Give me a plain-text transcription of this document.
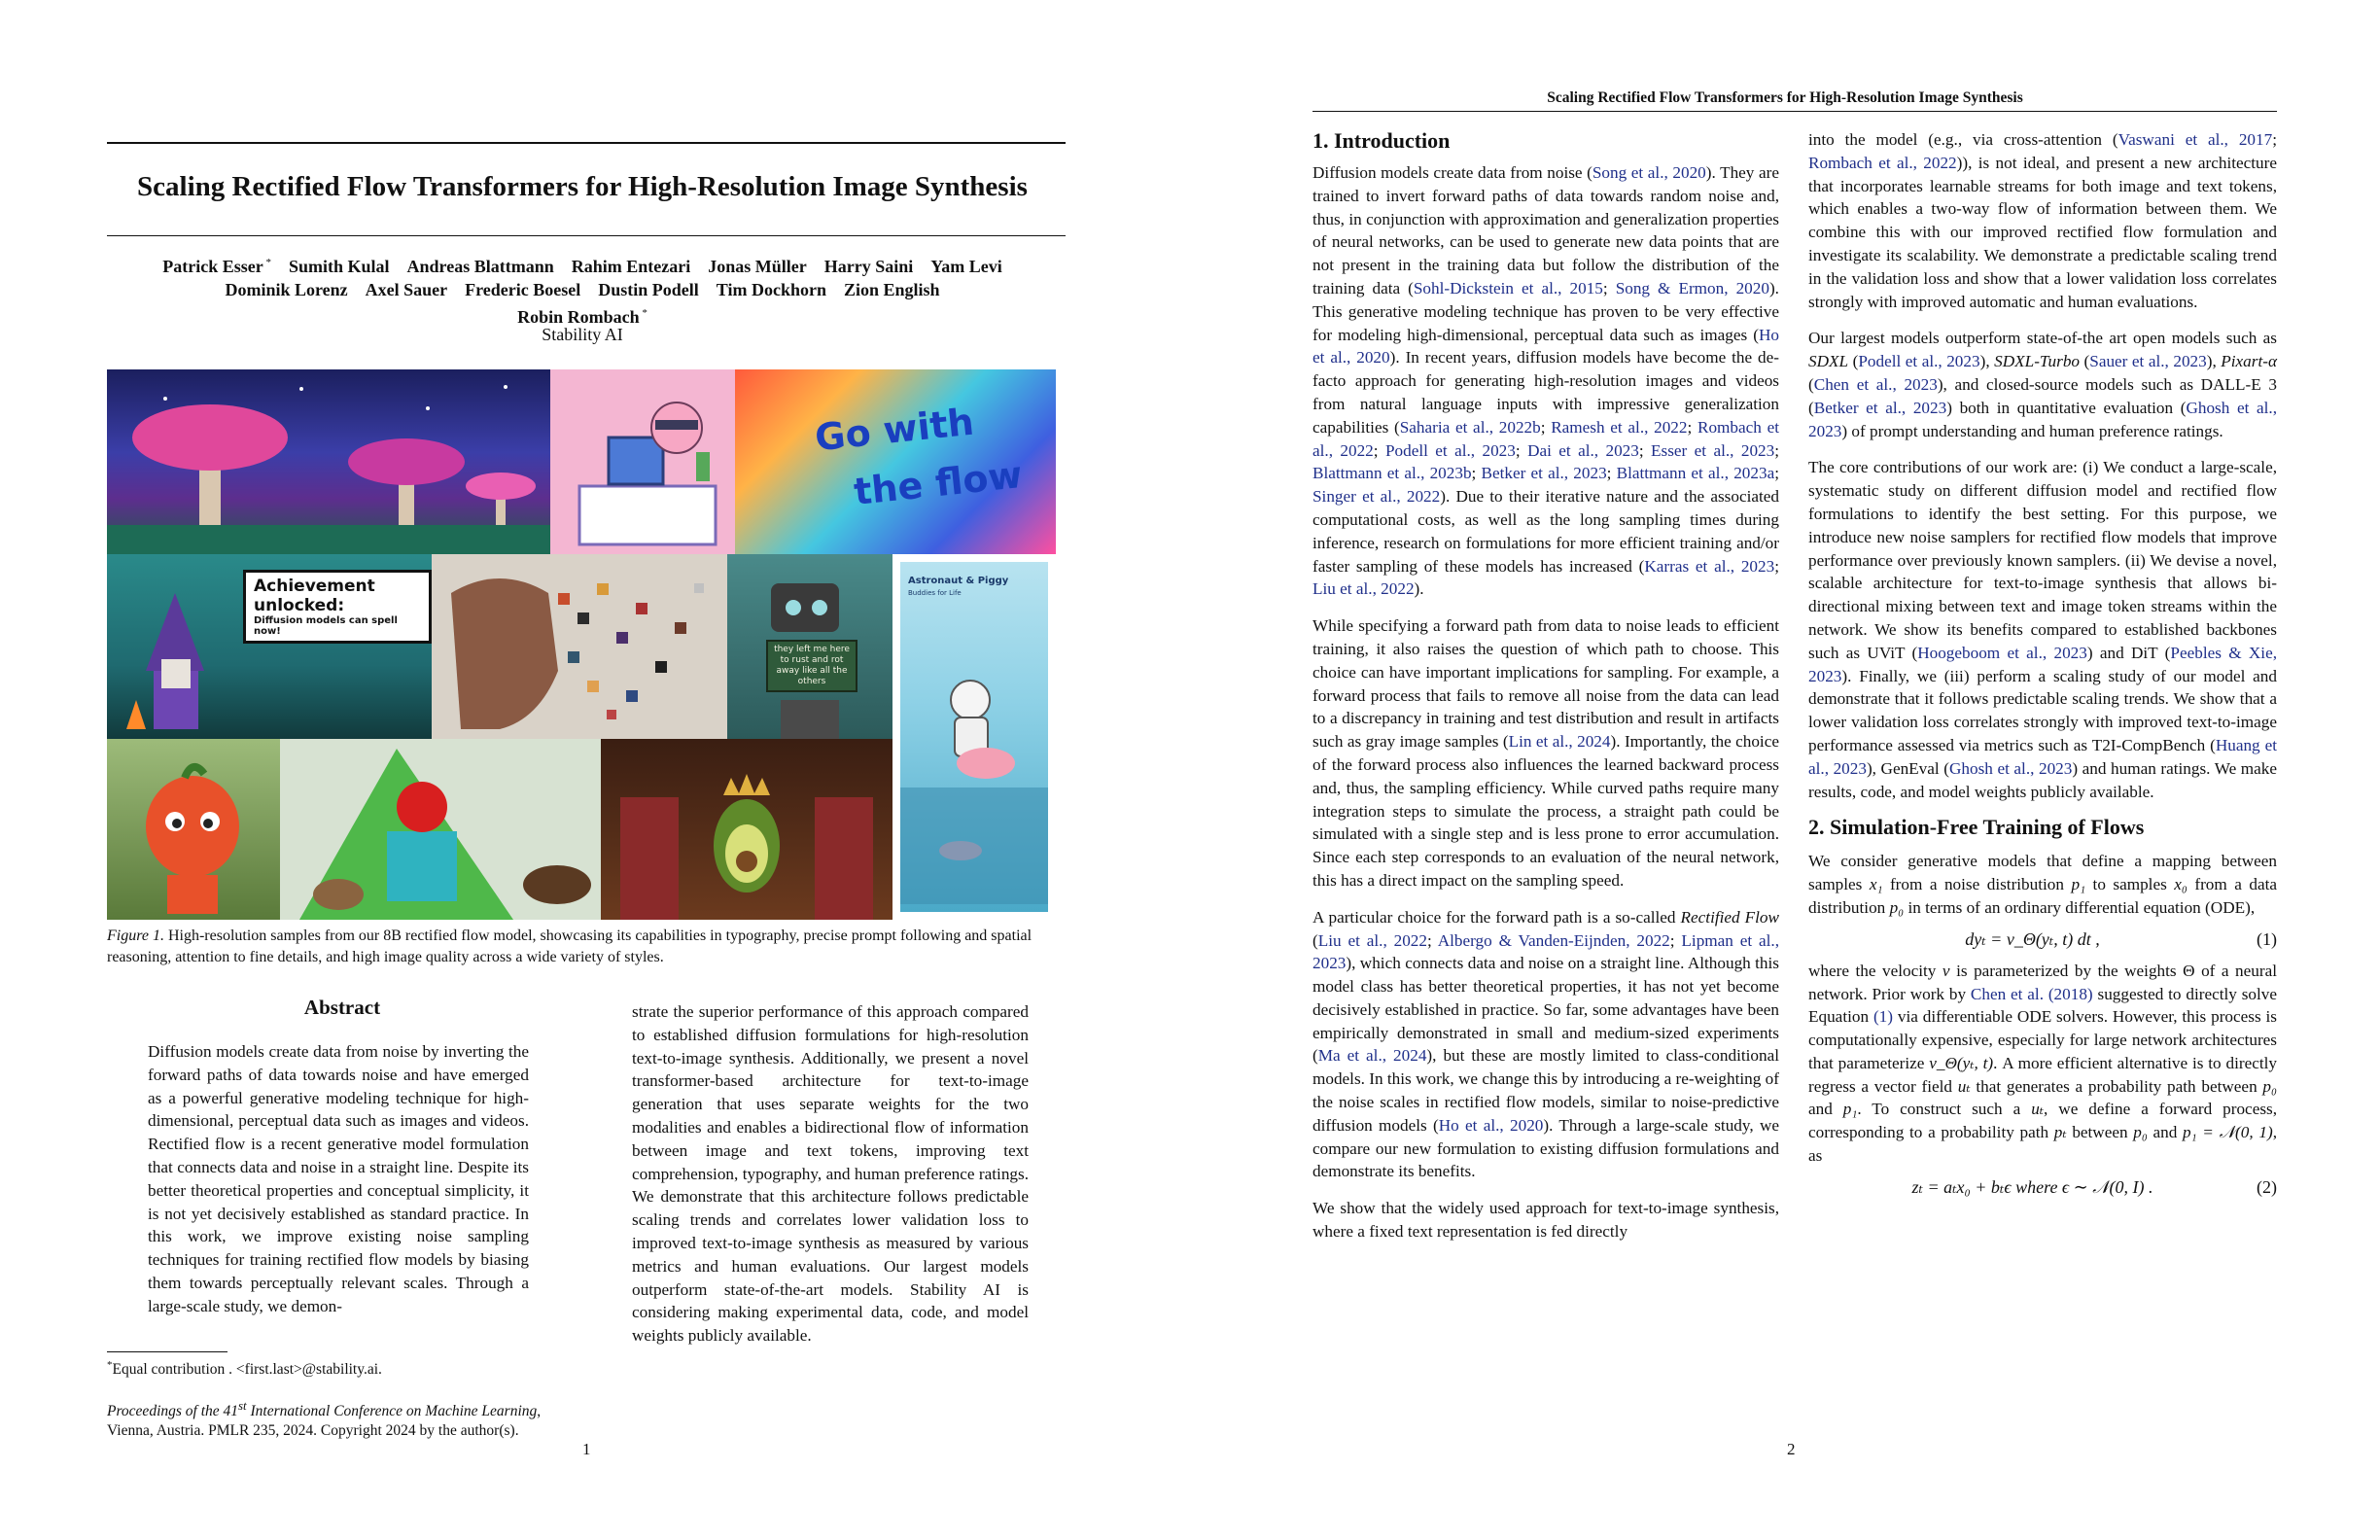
Scaling Rectified Flow Transformers for High-Resolution Image Synthesis
Patrick Esser *  Sumith Kulal  Andreas Blattmann  Rahim Entezari  Jonas Müller  Harry Saini  Yam Levi
Dominik Lorenz  Axel Sauer  Frederic Boesel  Dustin Podell  Tim Dockhorn  Zion English
Robin Rombach *
Stability AI
Go with
the flow
Achievement unlocked:
Diffusion models can spell now!
they left me here to rust and rot away like all the others
Astronaut & Piggy
Buddies for Life
Figure 1. High-resolution samples from our 8B rectified flow model, showcasing its capabilities in typography, precise prompt following and spatial reasoning, attention to fine details, and high image quality across a wide variety of styles.
Abstract
Diffusion models create data from noise by inverting the forward paths of data towards noise and have emerged as a powerful generative modeling technique for high-dimensional, perceptual data such as images and videos. Rectified flow is a recent generative model formulation that connects data and noise in a straight line. Despite its better theoretical properties and conceptual simplicity, it is not yet decisively established as standard practice. In this work, we improve existing noise sampling techniques for training rectified flow models by biasing them towards perceptually relevant scales. Through a large-scale study, we demon-
strate the superior performance of this approach compared to established diffusion formulations for high-resolution text-to-image synthesis. Additionally, we present a novel transformer-based architecture for text-to-image generation that uses separate weights for the two modalities and enables a bidirectional flow of information between image and text tokens, improving text comprehension, typography, and human preference ratings. We demonstrate that this architecture follows predictable scaling trends and correlates lower validation loss to improved text-to-image synthesis as measured by various metrics and human evaluations. Our largest models outperform state-of-the-art models. Stability AI is considering making experimental data, code, and model weights publicly available.
*Equal contribution . <first.last>@stability.ai.
Proceedings of the 41st International Conference on Machine Learning, Vienna, Austria. PMLR 235, 2024. Copyright 2024 by the author(s).
1
Scaling Rectified Flow Transformers for High-Resolution Image Synthesis
1. Introduction

Diffusion models create data from noise (Song et al., 2020). They are trained to invert forward paths of data towards random noise and, thus, in conjunction with approximation and generalization properties of neural networks, can be used to generate new data points that are not present in the training data but follow the distribution of the training data (Sohl-Dickstein et al., 2015; Song & Ermon, 2020). This generative modeling technique has proven to be very effective for modeling high-dimensional, perceptual data such as images (Ho et al., 2020). In recent years, diffusion models have become the de-facto approach for generating high-resolution images and videos from natural language inputs with impressive generalization capabilities (Saharia et al., 2022b; Ramesh et al., 2022; Rombach et al., 2022; Podell et al., 2023; Dai et al., 2023; Esser et al., 2023; Blattmann et al., 2023b; Betker et al., 2023; Blattmann et al., 2023a; Singer et al., 2022). Due to their iterative nature and the associated computational costs, as well as the long sampling times during inference, research on formulations for more efficient training and/or faster sampling of these models has increased (Karras et al., 2023; Liu et al., 2022).

While specifying a forward path from data to noise leads to efficient training, it also raises the question of which path to choose. This choice can have important implications for sampling. For example, a forward process that fails to remove all noise from the data can lead to a discrepancy in training and test distribution and result in artifacts such as gray image samples (Lin et al., 2024). Importantly, the choice of the forward process also influences the learned backward process and, thus, the sampling efficiency. While curved paths require many integration steps to simulate the process, a straight path could be simulated with a single step and is less prone to error accumulation. Since each step corresponds to an evaluation of the neural network, this has a direct impact on the sampling speed.

A particular choice for the forward path is a so-called Rectified Flow (Liu et al., 2022; Albergo & Vanden-Eijnden, 2022; Lipman et al., 2023), which connects data and noise on a straight line. Although this model class has better theoretical properties, it has not yet become decisively established in practice. So far, some advantages have been empirically demonstrated in small and medium-sized experiments (Ma et al., 2024), but these are mostly limited to class-conditional models. In this work, we change this by introducing a re-weighting of the noise scales in rectified flow models, similar to noise-predictive diffusion models (Ho et al., 2020). Through a large-scale study, we compare our new formulation to existing diffusion formulations and demonstrate its benefits.

We show that the widely used approach for text-to-image synthesis, where a fixed text representation is fed directly

into the model (e.g., via cross-attention (Vaswani et al., 2017; Rombach et al., 2022)), is not ideal, and present a new architecture that incorporates learnable streams for both image and text tokens, which enables a two-way flow of information between them. We combine this with our improved rectified flow formulation and investigate its scalability. We demonstrate a predictable scaling trend in the validation loss and show that a lower validation loss correlates strongly with improved automatic and human evaluations.

Our largest models outperform state-of-the art open models such as SDXL (Podell et al., 2023), SDXL-Turbo (Sauer et al., 2023), Pixart-α (Chen et al., 2023), and closed-source models such as DALL-E 3 (Betker et al., 2023) both in quantitative evaluation (Ghosh et al., 2023) of prompt understanding and human preference ratings.

The core contributions of our work are: (i) We conduct a large-scale, systematic study on different diffusion model and rectified flow formulations to identify the best setting. For this purpose, we introduce new noise samplers for rectified flow models that improve performance over previously known samplers. (ii) We devise a novel, scalable architecture for text-to-image synthesis that allows bi-directional mixing between text and image token streams within the network. We show its benefits compared to established backbones such as UViT (Hoogeboom et al., 2023) and DiT (Peebles & Xie, 2023). Finally, we (iii) perform a scaling study of our model and demonstrate that it follows predictable scaling trends. We show that a lower validation loss correlates strongly with improved text-to-image performance assessed via metrics such as T2I-CompBench (Huang et al., 2023), GenEval (Ghosh et al., 2023) and human ratings. We make results, code, and model weights publicly available.

2. Simulation-Free Training of Flows

We consider generative models that define a mapping between samples x₁ from a noise distribution p₁ to samples x₀ from a data distribution p₀ in terms of an ordinary differential equation (ODE),

dyₜ = v_Θ(yₜ, t) dt ,	(1)

where the velocity v is parameterized by the weights Θ of a neural network. Prior work by Chen et al. (2018) suggested to directly solve Equation (1) via differentiable ODE solvers. However, this process is computationally expensive, especially for large network architectures that parameterize v_Θ(yₜ, t). A more efficient alternative is to directly regress a vector field uₜ that generates a probability path between p₀ and p₁. To construct such a uₜ, we define a forward process, corresponding to a probability path pₜ between p₀ and p₁ = 𝒩(0, 1), as

zₜ = aₜx₀ + bₜϵ where ϵ ∼ 𝒩(0, I) .	(2)
2
